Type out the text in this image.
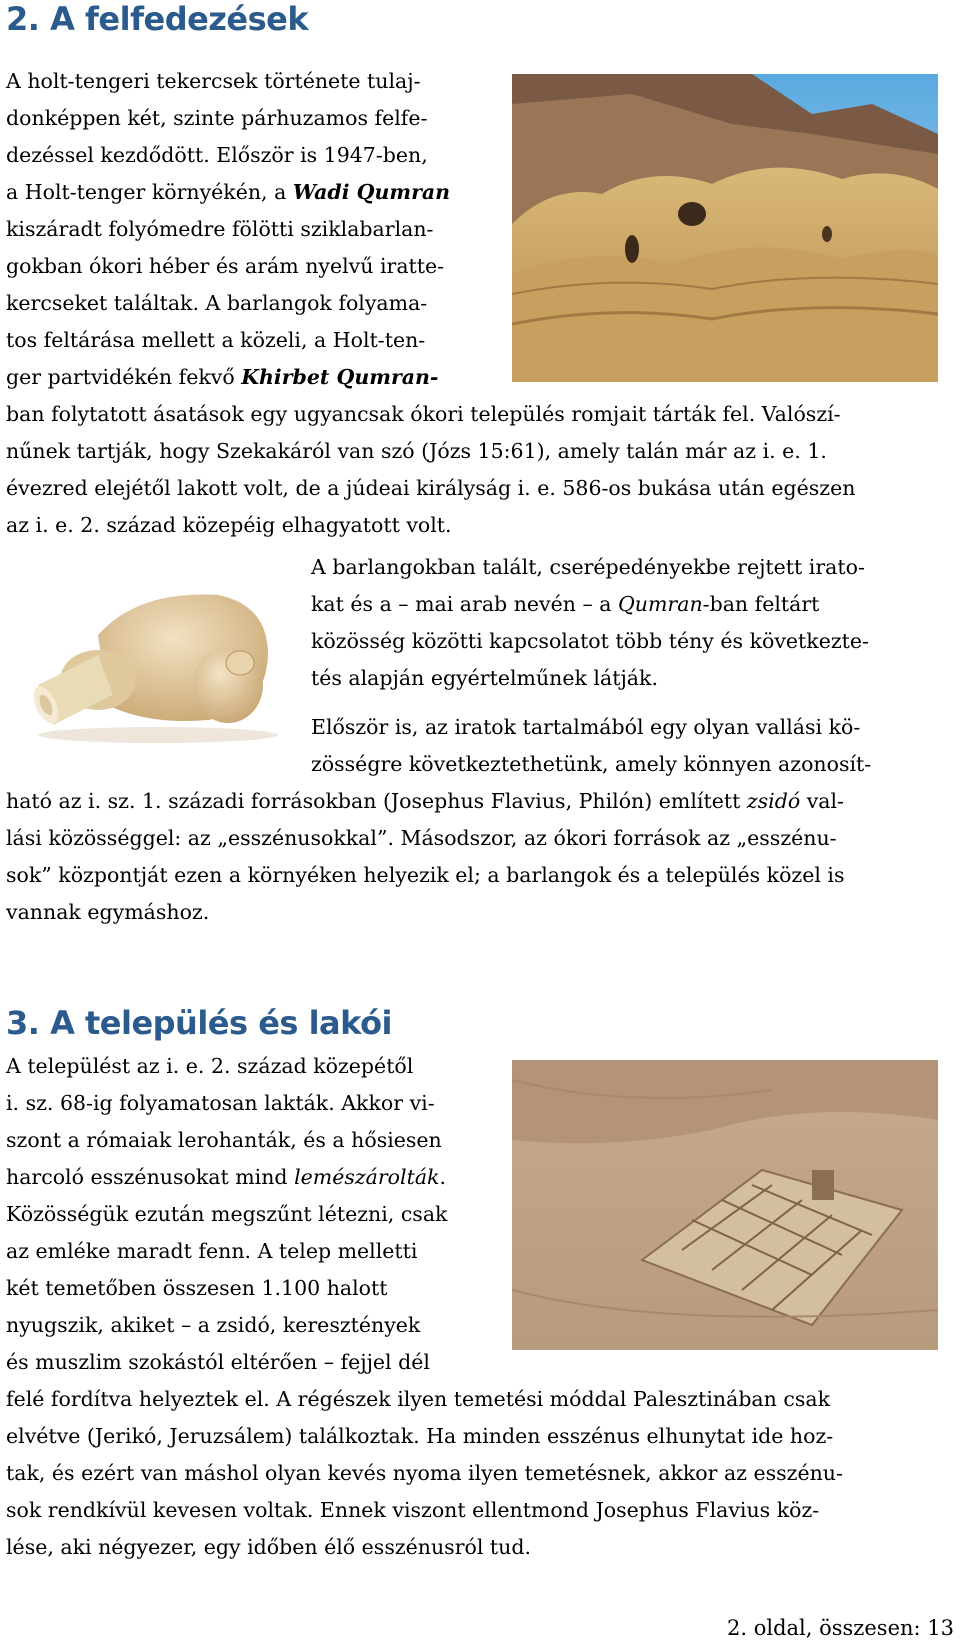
2. A felfedezések
A holt-tengeri tekercsek története tulaj-
donképpen két, szinte párhuzamos felfe-
dezéssel kezdődött. Először is 1947-ben,
a Holt-tenger környékén, a Wadi Qumran
kiszáradt folyómedre fölötti sziklabarlan-
gokban ókori héber és arám nyelvű iratte-
kercseket találtak. A barlangok folyama-
tos feltárása mellett a közeli, a Holt-ten-
ger partvidékén fekvő Khirbet Qumran-
ban folytatott ásatások egy ugyancsak ókori település romjait tárták fel. Valószí-
nűnek tartják, hogy Szekakáról van szó (Józs 15:61), amely talán már az i. e. 1.
évezred elejétől lakott volt, de a júdeai királyság i. e. 586-os bukása után egészen
az i. e. 2. század közepéig elhagyatott volt.
A barlangokban talált, cserépedényekbe rejtett irato-
kat és a – mai arab nevén – a Qumran-ban feltárt
közösség közötti kapcsolatot több tény és következte-
tés alapján egyértelműnek látják.
Először is, az iratok tartalmából egy olyan vallási kö-
zösségre következtethetünk, amely könnyen azonosít-
ható az i. sz. 1. századi forrásokban (Josephus Flavius, Philón) említett zsidó val-
lási közösséggel: az „esszénusokkal”. Másodszor, az ókori források az „esszénu-
sok” központját ezen a környéken helyezik el; a barlangok és a település közel is
vannak egymáshoz.
3. A település és lakói
A települést az i. e. 2. század közepétől
i. sz. 68-ig folyamatosan lakták. Akkor vi-
szont a rómaiak lerohanták, és a hősiesen
harcoló esszénusokat mind lemészárolták.
Közösségük ezután megszűnt létezni, csak
az emléke maradt fenn. A telep melletti
két temetőben összesen 1.100 halott
nyugszik, akiket – a zsidó, keresztények
és muszlim szokástól eltérően – fejjel dél
felé fordítva helyeztek el. A régészek ilyen temetési móddal Palesztinában csak
elvétve (Jerikó, Jeruzsálem) találkoztak. Ha minden esszénus elhunytat ide hoz-
tak, és ezért van máshol olyan kevés nyoma ilyen temetésnek, akkor az esszénu-
sok rendkívül kevesen voltak. Ennek viszont ellentmond Josephus Flavius köz-
lése, aki négyezer, egy időben élő esszénusról tud.
2. oldal, összesen: 13
